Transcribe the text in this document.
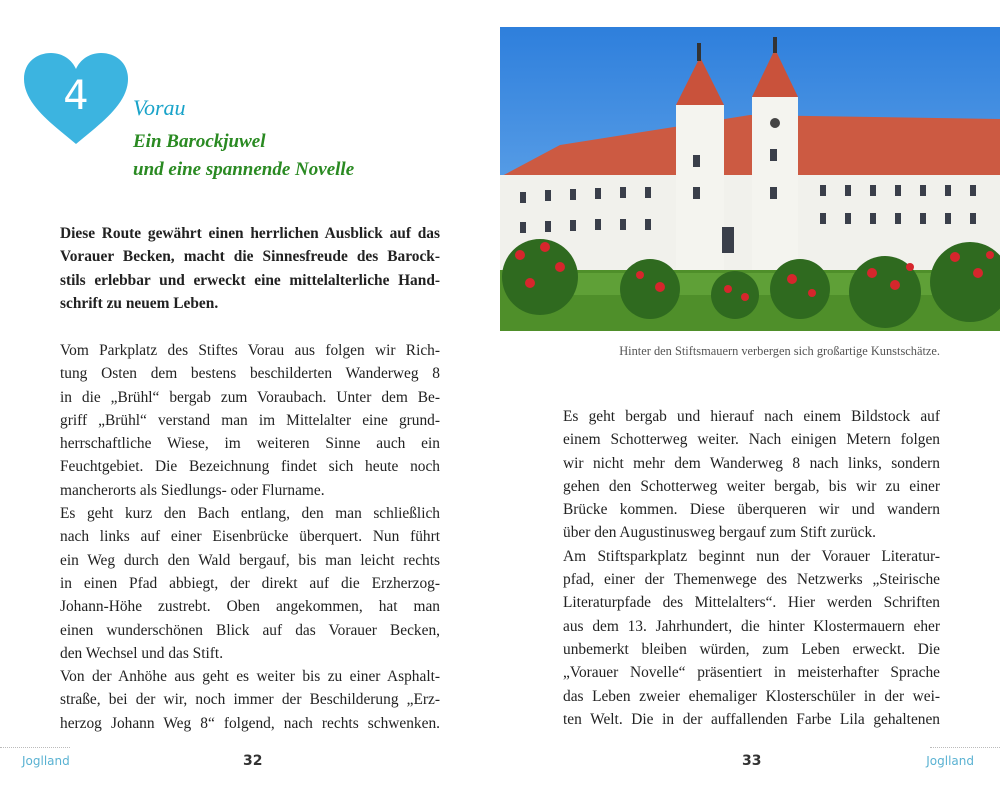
4	Vorau
Ein Barockjuwel
und eine spannende Novelle
Diese Route gewährt einen herrlichen Ausblick auf das
Vorauer Becken, macht die Sinnesfreude des Barock-
stils erlebbar und erweckt eine mittelalterliche Hand-
schrift zu neuem Leben.
Vom Parkplatz des Stiftes Vorau aus folgen wir Rich-
tung Osten dem bestens beschilderten Wanderweg 8
in die „Brühl“ bergab zum Voraubach. Unter dem Be-
griff „Brühl“ verstand man im Mittelalter eine grund-
herrschaftliche Wiese, im weiteren Sinne auch ein
Feuchtgebiet. Die Bezeichnung findet sich heute noch
mancherorts als Siedlungs- oder Flurname.
Es geht kurz den Bach entlang, den man schließlich
nach links auf einer Eisenbrücke überquert. Nun führt
ein Weg durch den Wald bergauf, bis man leicht rechts
in einen Pfad abbiegt, der direkt auf die Erzherzog-
Johann-Höhe zustrebt. Oben angekommen, hat man
einen wunderschönen Blick auf das Vorauer Becken,
den Wechsel und das Stift.
Von der Anhöhe aus geht es weiter bis zu einer Asphalt-
straße, bei der wir, noch immer der Beschilderung „Erz-
herzog Johann Weg 8“ folgend, nach rechts schwenken.
Hinter den Stiftsmauern verbergen sich großartige Kunstschätze.
Es geht bergab und hierauf nach einem Bildstock auf
einem Schotterweg weiter. Nach einigen Metern folgen
wir nicht mehr dem Wanderweg 8 nach links, sondern
gehen den Schotterweg weiter bergab, bis wir zu einer
Brücke kommen. Diese überqueren wir und wandern
über den Augustinusweg bergauf zum Stift zurück.
Am Stiftsparkplatz beginnt nun der Vorauer Literatur-
pfad, einer der Themenwege des Netzwerks „Steirische
Literaturpfade des Mittelalters“. Hier werden Schriften
aus dem 13. Jahrhundert, die hinter Klostermauern eher
unbemerkt bleiben würden, zum Leben erweckt. Die
„Vorauer Novelle“ präsentiert in meisterhafter Sprache
das Leben zweier ehemaliger Klosterschüler in der wei-
ten Welt. Die in der auffallenden Farbe Lila gehaltenen
Joglland	32	33	Joglland
